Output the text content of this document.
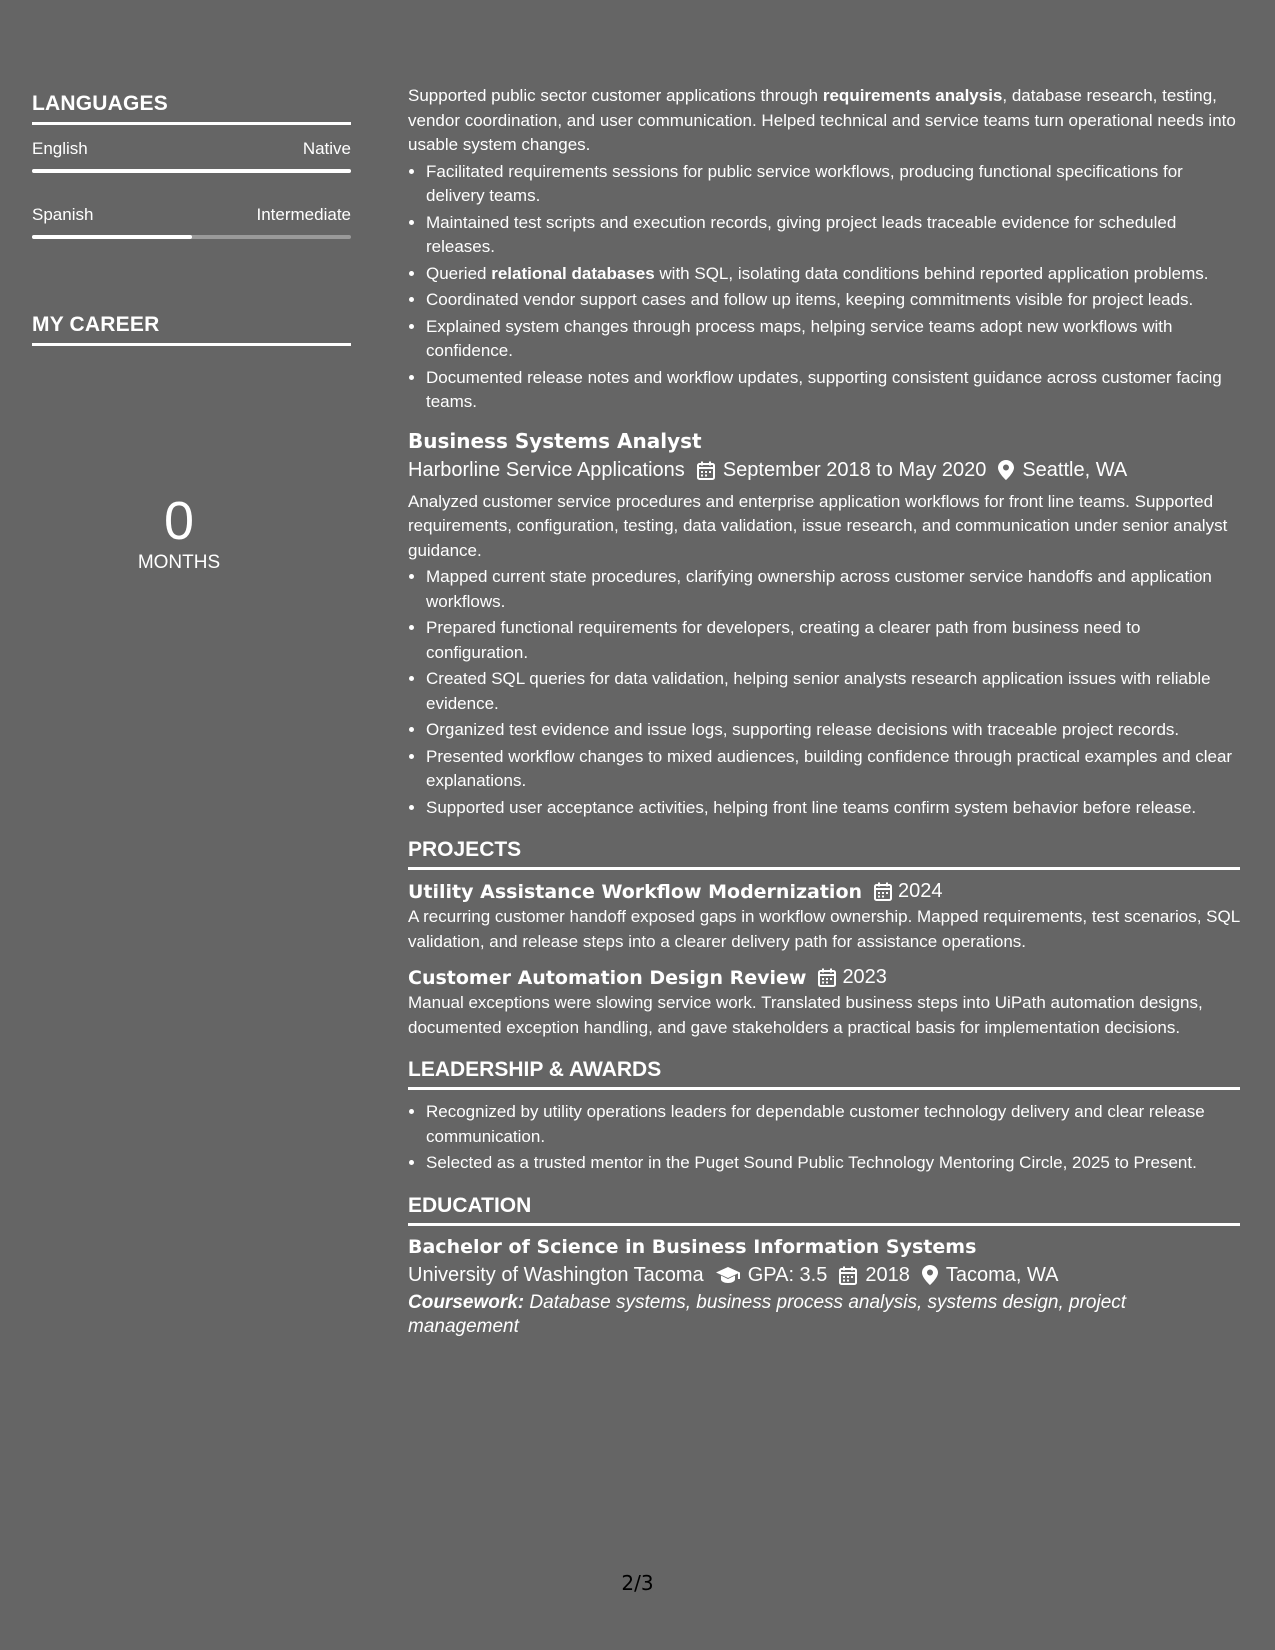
LANGUAGES
English	Native
Spanish	Intermediate
MY CAREER
0
MONTHS

Supported public sector customer applications through requirements analysis, database research, testing, vendor coordination, and user communication. Helped technical and service teams turn operational needs into usable system changes.

• Facilitated requirements sessions for public service workflows, producing functional specifications for delivery teams.
• Maintained test scripts and execution records, giving project leads traceable evidence for scheduled releases.
• Queried relational databases with SQL, isolating data conditions behind reported application problems.
• Coordinated vendor support cases and follow up items, keeping commitments visible for project leads.
• Explained system changes through process maps, helping service teams adopt new workflows with confidence.
• Documented release notes and workflow updates, supporting consistent guidance across customer facing teams.
Business Systems Analyst
Harborline Service Applications September 2018 to May 2020 Seattle, WA

Analyzed customer service procedures and enterprise application workflows for front line teams. Supported requirements, configuration, testing, data validation, issue research, and communication under senior analyst guidance.

• Mapped current state procedures, clarifying ownership across customer service handoffs and application workflows.
• Prepared functional requirements for developers, creating a clearer path from business need to configuration.
• Created SQL queries for data validation, helping senior analysts research application issues with reliable evidence.
• Organized test evidence and issue logs, supporting release decisions with traceable project records.
• Presented workflow changes to mixed audiences, building confidence through practical examples and clear explanations.
• Supported user acceptance activities, helping front line teams confirm system behavior before release.
PROJECTS
Utility Assistance Workflow Modernization 2024

A recurring customer handoff exposed gaps in workflow ownership. Mapped requirements, test scenarios, SQL validation, and release steps into a clearer delivery path for assistance operations.

Customer Automation Design Review 2023

Manual exceptions were slowing service work. Translated business steps into UiPath automation designs, documented exception handling, and gave stakeholders a practical basis for implementation decisions.

LEADERSHIP & AWARDS
• Recognized by utility operations leaders for dependable customer technology delivery and clear release communication.
• Selected as a trusted mentor in the Puget Sound Public Technology Mentoring Circle, 2025 to Present.
EDUCATION
Bachelor of Science in Business Information Systems
University of Washington Tacoma GPA: 3.5 2018 Tacoma, WA

Coursework: Database systems, business process analysis, systems design, project management

2/3
